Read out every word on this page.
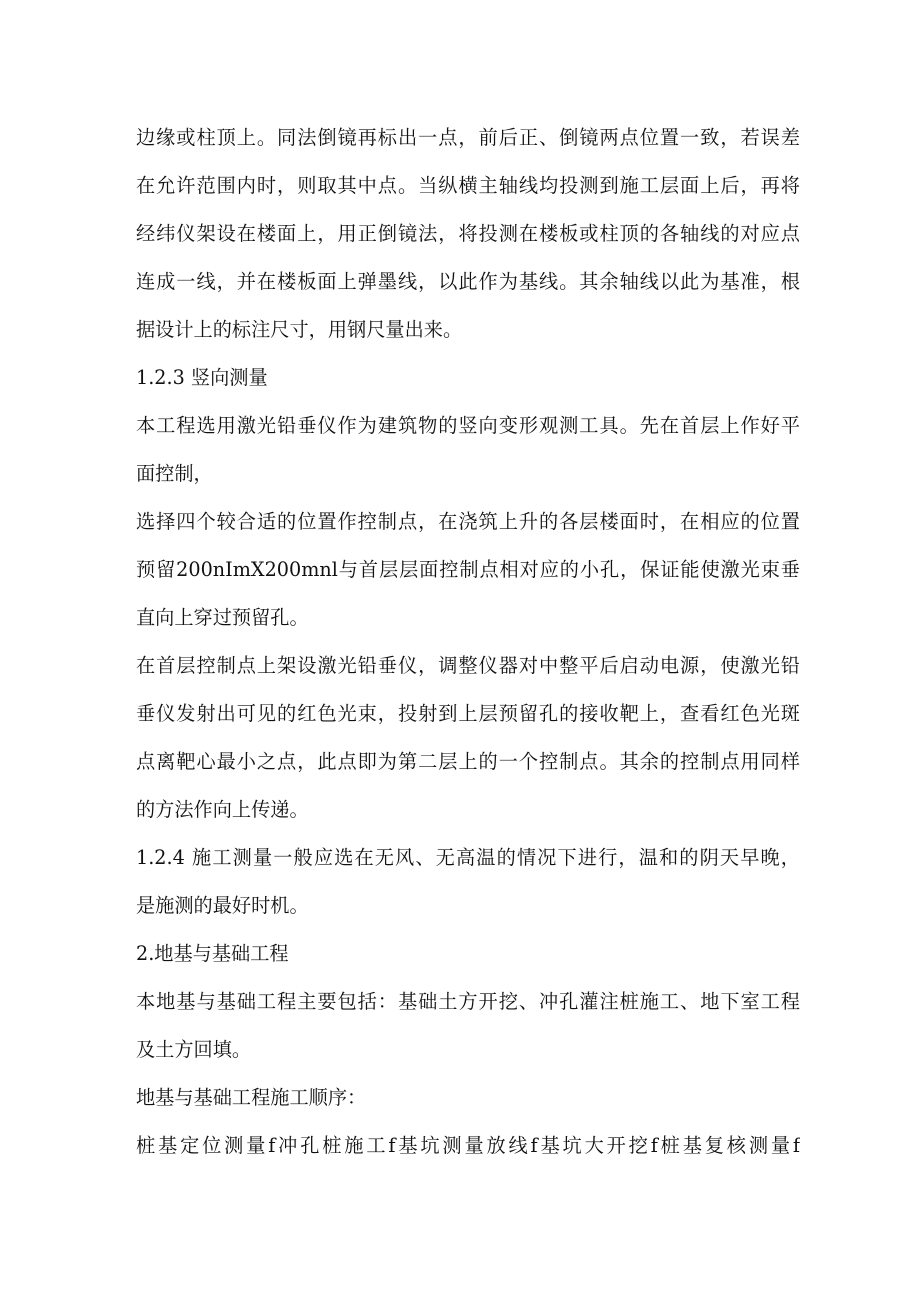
边缘或柱顶上。同法倒镜再标出一点，前后正、倒镜两点位置一致，若误差
在允许范围内时，则取其中点。当纵横主轴线均投测到施工层面上后，再将
经纬仪架设在楼面上，用正倒镜法，将投测在楼板或柱顶的各轴线的对应点
连成一线，并在楼板面上弹墨线，以此作为基线。其余轴线以此为基准，根
据设计上的标注尺寸，用钢尺量出来。
1.2.3 竖向测量
本工程选用激光铅垂仪作为建筑物的竖向变形观测工具。先在首层上作好平
面控制，
选择四个较合适的位置作控制点，在浇筑上升的各层楼面时，在相应的位置
预留200nImX200mnl与首层层面控制点相对应的小孔，保证能使激光束垂
直向上穿过预留孔。
在首层控制点上架设激光铅垂仪，调整仪器对中整平后启动电源，使激光铅
垂仪发射出可见的红色光束，投射到上层预留孔的接收靶上，查看红色光斑
点离靶心最小之点，此点即为第二层上的一个控制点。其余的控制点用同样
的方法作向上传递。
1.2.4 施工测量一般应选在无风、无高温的情况下进行，温和的阴天早晚，
是施测的最好时机。
2.地基与基础工程
本地基与基础工程主要包括：基础土方开挖、冲孔灌注桩施工、地下室工程
及土方回填。
地基与基础工程施工顺序：
桩基定位测量f冲孔桩施工f基坑测量放线f基坑大开挖f桩基复核测量f
